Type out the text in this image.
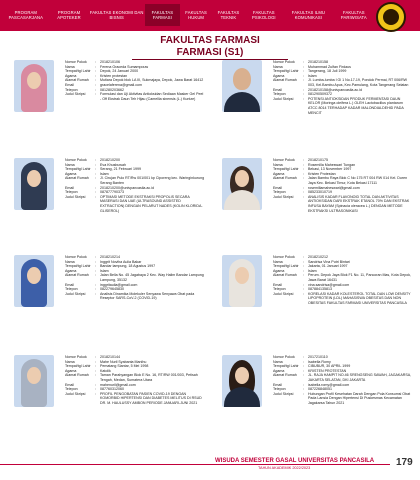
PROGRAM PASCASARJANA
PROGRAM APOTEKER
FAKULTAS EKONOMI DAN BISNIS
FAKULTAS FARMASI
FAKULTAS HUKUM
FAKULTAS TEKNIK
FAKULTAS PSIKOLOGI
FAKULTAS ILMU KOMUNIKASI
FAKULTAS PARIWISATA
FAKULTAS FARMASI
FARMASI (S1)
Nomor Pokok	:	2018210106
Nama	:	Ferena Graceda Sumampouw
Tempat/tgl Lahir	:	Depok, 24 Januari 2000
Agama	:	Kristen protestan
Alamat Rumah	:	Mutiara Depok blok LA III, Sukmajaya, Depok, Jawa Barat 16412
Email	:	gracelaferena@gmail.com
Telepon	:	081280203662
Judul Skripsi	:	Formulasi dan Uji Aktivitas Antioksidan Sediaan Masker Gel Peel - Off Ekstrak Daun Teh Hijau (Camellia sinensis (L.) Kuntze)
Nomor Pokok	:	2018210158
Nama	:	Muhammad Zulfan Firdaus
Tempat/tgl Lahir	:	Tangerang, 18 Juli 1999
Agama	:	Islam
Alamat Rumah	:	Jl. Lumba-lumba I Gl 1 No.17-19, Pondok Permai, RT 006/RW 003, Kel.Bambu Apus, Kec.Pamulang, Kota Tangerang Selatan
Email	:	2018210158@univpancasila.ac.id
Telepon	:	081290509372
Judul Skripsi	:	POTENSI ANTIOKSIDAN PRODUK FERMENTASI DAUN KELOR (Moringa oleifera L.) OLEH Lactobacillus plantarum ATCC 8014 TERHADAP KADAR MALONDIALDEHID PADA MENCIT
Nomor Pokok	:	2018210200
Nama	:	Eva Khusbuwah
Tempat/tgl Lahir	:	Serang, 21 Februari 1999
Agama	:	Islam
Alamat Rumah	:	Jl. Cirujan Pulo RT/Rw 001/001 kp Ciporeng kec. Waringinkurung Serang Banten
Email	:	2018210200@univpancasila.ac.id
Telepon	:	087877790373
Judul Skripsi	:	OPTIMASI METODE EKSTRAKSI PROPOLIS SECARA MASERASI DAN UAE (ULTRASOUND ASSISTED EXTRACTION) DENGAN PELARUT NADES (KOLIN KLORIDA-GLISEROL)
Nomor Pokok	:	2018210175
Nama	:	Rosemilla Maheswari Tungan
Tempat/tgl Lahir	:	Bekasi, 13 November 1997
Agama	:	Kristen Protestan
Alamat Rumah	:	Jalan Bambu Raya Blok C No 175 RT 004 RW 014 Kel. Duren Jaya Kec. Bekasi Timur, Kota Bekasi 17111
Email	:	rosemillamaheswari@gmail.com
Telepon	:	085233010719
Judul Skripsi	:	ANALISIS KADAR FLAVONOID TOTAL DAN AKTIVITAS ANTIOKSIDAN DARI EKSTRAK ETANOL 70% DAN EKSTRAK INFUSA BAYAM (Spinacia oleracea L.) DENGAN METODE EKSTRAKSI ULTRASONIKASI
Nomor Pokok	:	2018210214
Nama	:	Inggrit Noviha Aulia Bakar
Tempat/tgl Lahir	:	Bandar lampung, 18 Agustus 1997
Agama	:	Islam
Alamat Rumah	:	Jalan Bella No. 45 Jagabaya 2 Kec. Way Halim Bandar Lampung Lampung, 35132
Email	:	inggritaulia@gmail.com
Telepon	:	082279645830
Judul Skripsi	:	Analisis Dinamika Molekuler Senyawa Senyawa Obat pada Reseptor SARS-CoV-2 (COVID-19)
Nomor Pokok	:	2018210212
Nama	:	Sandrisa Vina Putri Bintari
Tempat/tgl Lahir	:	Jakarta, 01 Januari 1997
Agama	:	Islam
Alamat Rumah	:	Perum. Depok Jaya Blok F1 No. 11, Pancoran Mas, Kota Depok, Jawa Barat 16431
Email	:	vina.sandrisa@gmail.com
Telepon	:	087884135813
Judul Skripsi	:	KORELASI KADAR KOLESTEROL TOTAL DAN LOW DENSITY LIPOPROTEIN (LDL) MAHASISWA OBESITAS DAN NON OBESITAS FAKULTAS FARMASI UNIVERSITAS PANCASILA
Nomor Pokok	:	2018210144
Nama	:	Mahe Nuril Syabanta Manihu
Tempat/tgl Lahir	:	Pematang Siantar, 5 Mei 1998
Agama	:	Katolik
Alamat Rumah	:	Taman Parahyangan Blok E No. 16, RT/RW 001/003, Petisah Tengah, Medan, Sumatera Utara
Email	:	mahenuril@gmail.com
Telepon	:	087760312060
Judul Skripsi	:	PROFIL PENGOBATAN PASIEN COVID-19 DENGAN KOMORBID HIPERTENSI DAN DIABETES MELITUS DI RSUD DR. M. HAULUSSY AMBON PERIODE JANUARI-JUNI 2021
Nomor Pokok	:	2017210110
Nama	:	Isabella Romy
Tempat/tgl Lahir	:	CIBUBUR, 30 APRIL 1999
Agama	:	KRISTEN PROTESTAN
Alamat Rumah	:	JL. RAJA HAMPIT NO.46 SRENGSENG SAWAH, JAGAKARSA, JAKARTA SELATAN, DKI JAKARTA
Email	:	isabella.romy@gmail.com
Telepon	:	087226848051
Judul Skripsi	:	Hubungan Profil Kesehatan Darah Dengan Pola Konsumsi Obat Pada Lansia Dengan Hipertensi Di Puskesmas Kecamatan Jagakarsa Tahun 2021
WISUDA SEMESTER GASAL UNIVERSITAS PANCASILA
TAHUN AKADEMIK 2022/2023	179
